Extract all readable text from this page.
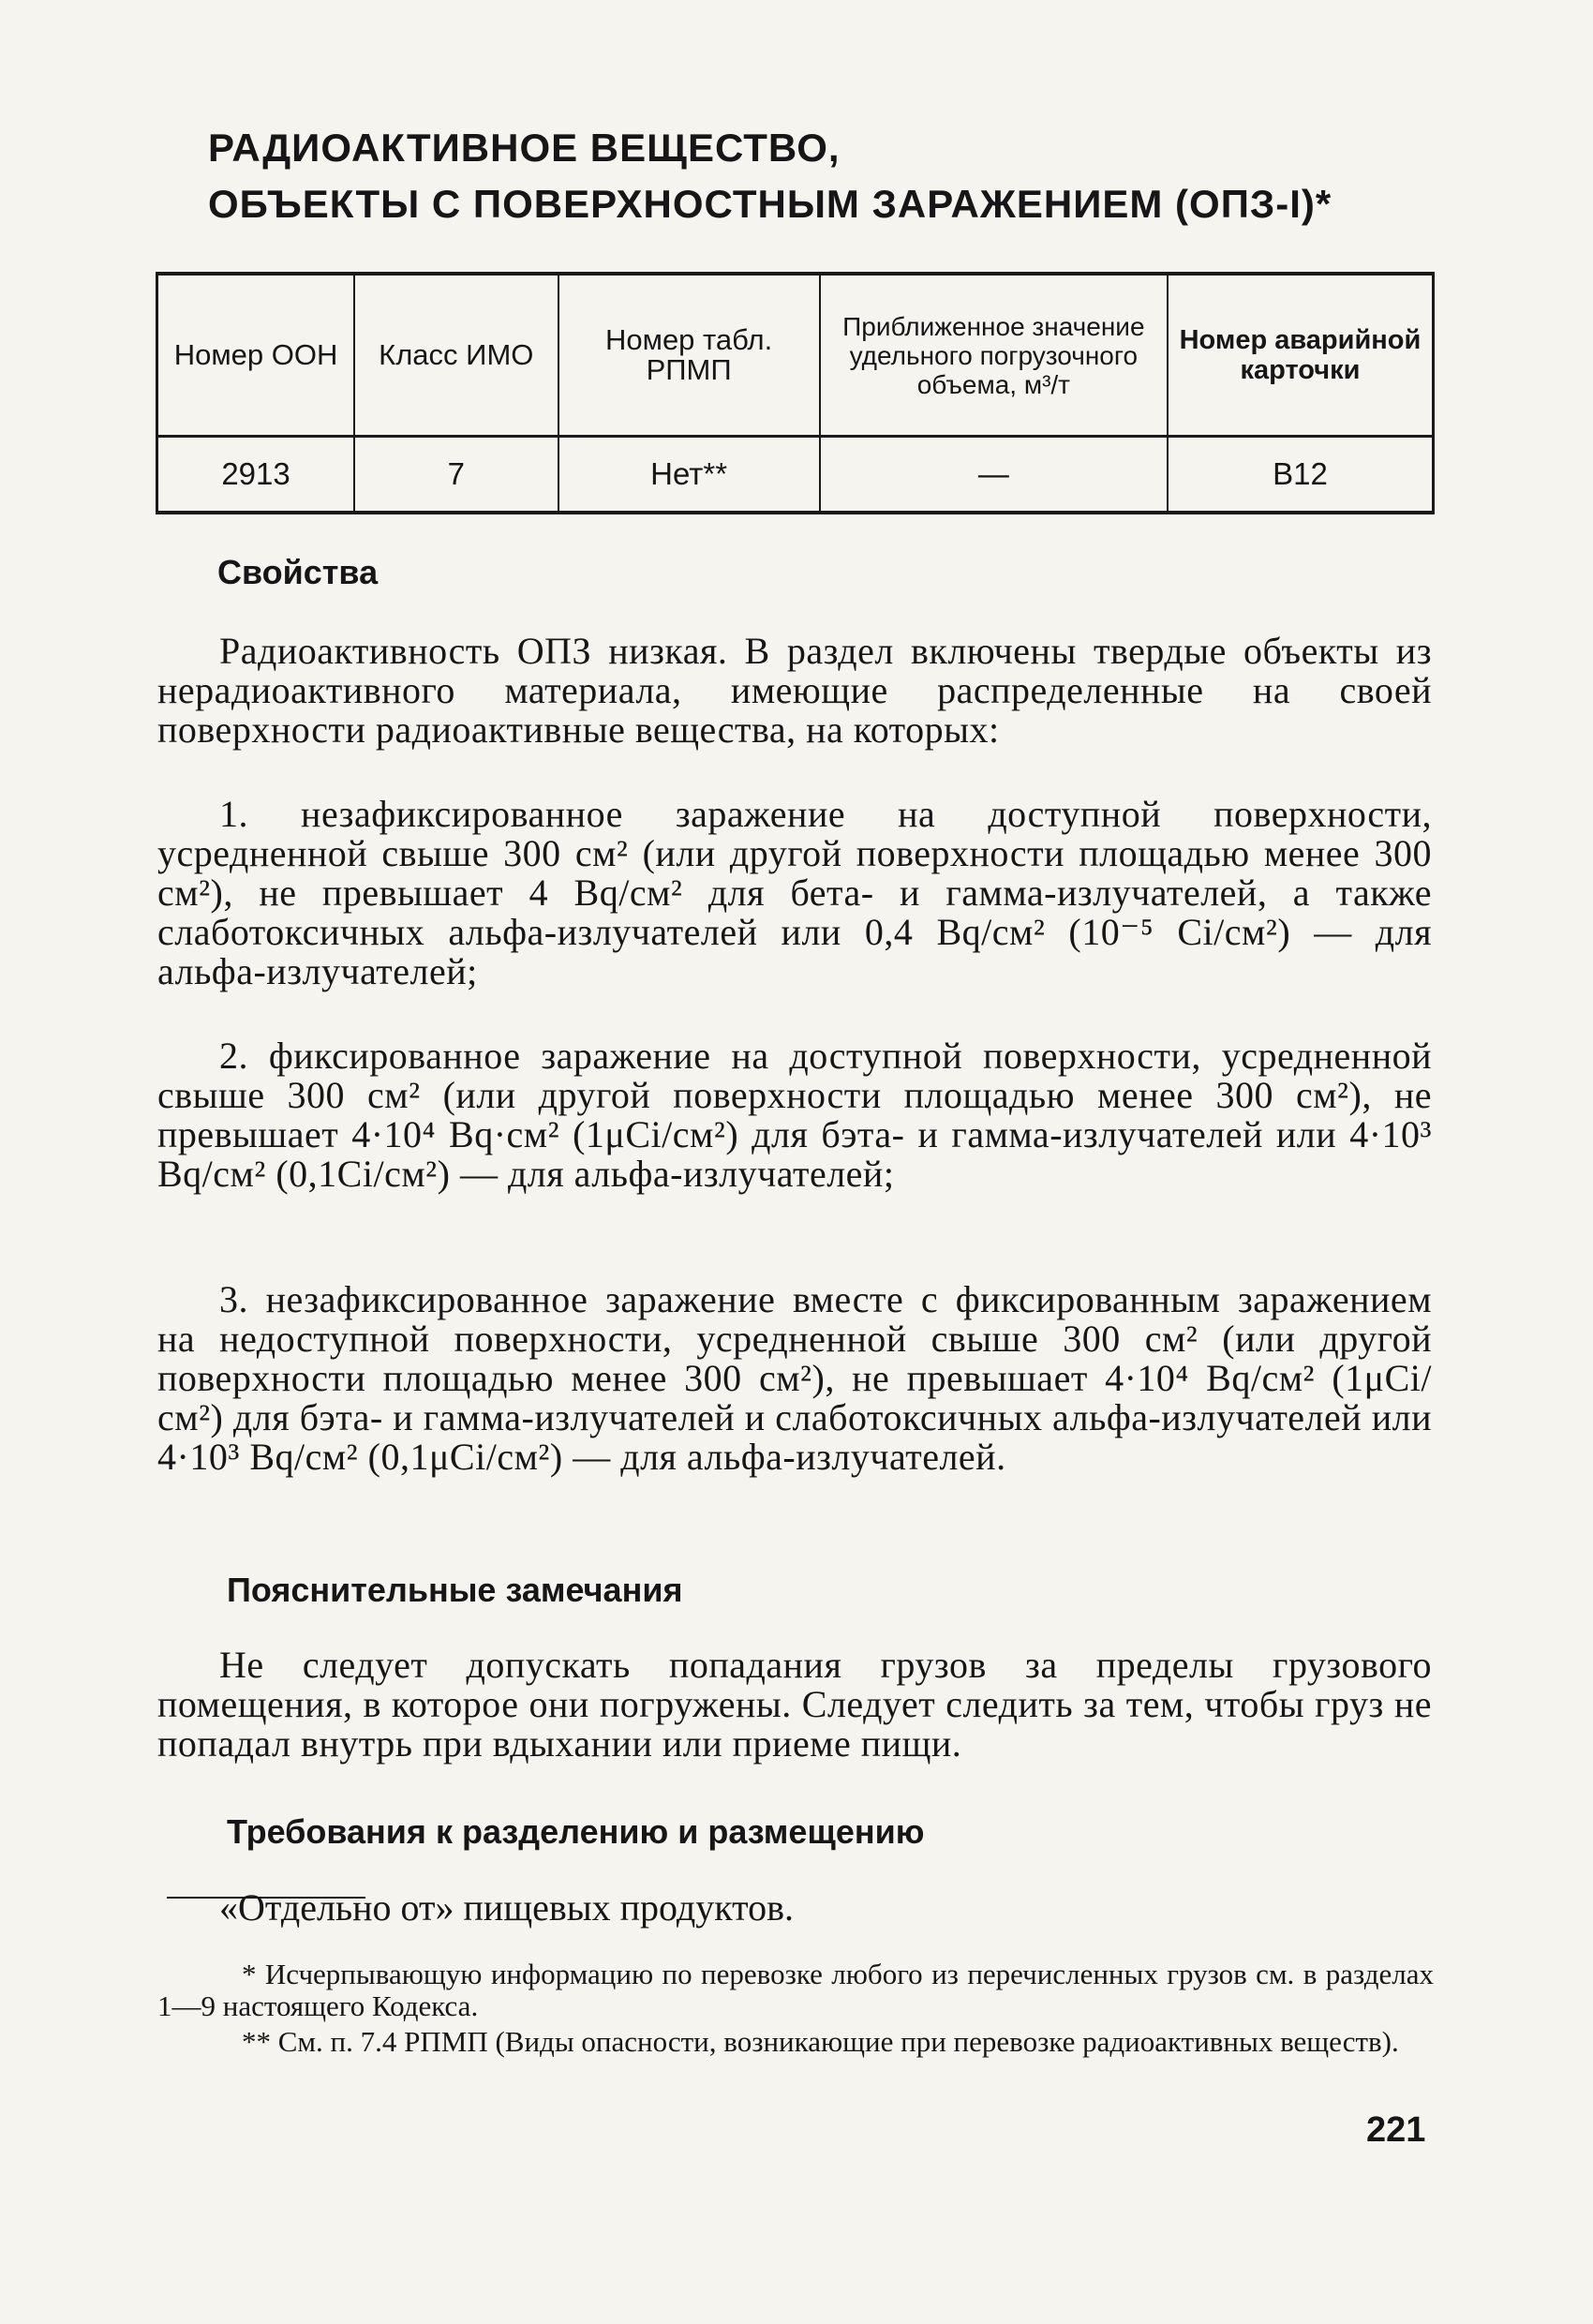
РАДИОАКТИВНОЕ ВЕЩЕСТВО,
ОБЪЕКТЫ С ПОВЕРХНОСТНЫМ ЗАРАЖЕНИЕМ (ОПЗ-I)*
Номер ООН	Класс ИМО	Номер табл. РПМП	Приближенное значение удельного погрузочного объема, м³/т	Номер аварийной карточки
2913	7	Нет**	—	В12
Свойства
Радиоактивность ОПЗ низкая. В раздел включены твердые объекты из нерадиоактивного материала, имеющие распределенные на своей поверхности радиоактивные вещества, на которых:
1. незафиксированное заражение на доступной поверхности, усредненной свыше 300 см² (или другой поверхности площадью менее 300 см²), не превышает 4 Bq/см² для бета- и гамма-излучателей, а также слаботоксичных альфа-излучателей или 0,4 Bq/см² (10⁻⁵ Ci/см²) — для альфа-излучателей;
2. фиксированное заражение на доступной поверхности, усредненной свыше 300 см² (или другой поверхности площадью менее 300 см²), не превышает 4·10⁴ Bq·см² (1μCi/см²) для бэта- и гамма-излучателей или 4·10³ Bq/см² (0,1Ci/см²) — для альфа-излучателей;
3. незафиксированное заражение вместе с фиксированным заражением на недоступной поверхности, усредненной свыше 300 см² (или другой поверхности площадью менее 300 см²), не превышает 4·10⁴ Bq/см² (1μCi/см²) для бэта- и гамма-излучателей и слаботоксичных альфа-излучателей или 4·10³ Bq/см² (0,1μCi/см²) — для альфа-излучателей.
Пояснительные замечания
Не следует допускать попадания грузов за пределы грузового помещения, в которое они погружены. Следует следить за тем, чтобы груз не попадал внутрь при вдыхании или приеме пищи.
Требования к разделению и размещению
«Отдельно от» пищевых продуктов.
* Исчерпывающую информацию по перевозке любого из перечисленных грузов см. в разделах 1—9 настоящего Кодекса.
** См. п. 7.4 РПМП (Виды опасности, возникающие при перевозке радиоактивных веществ).
221
